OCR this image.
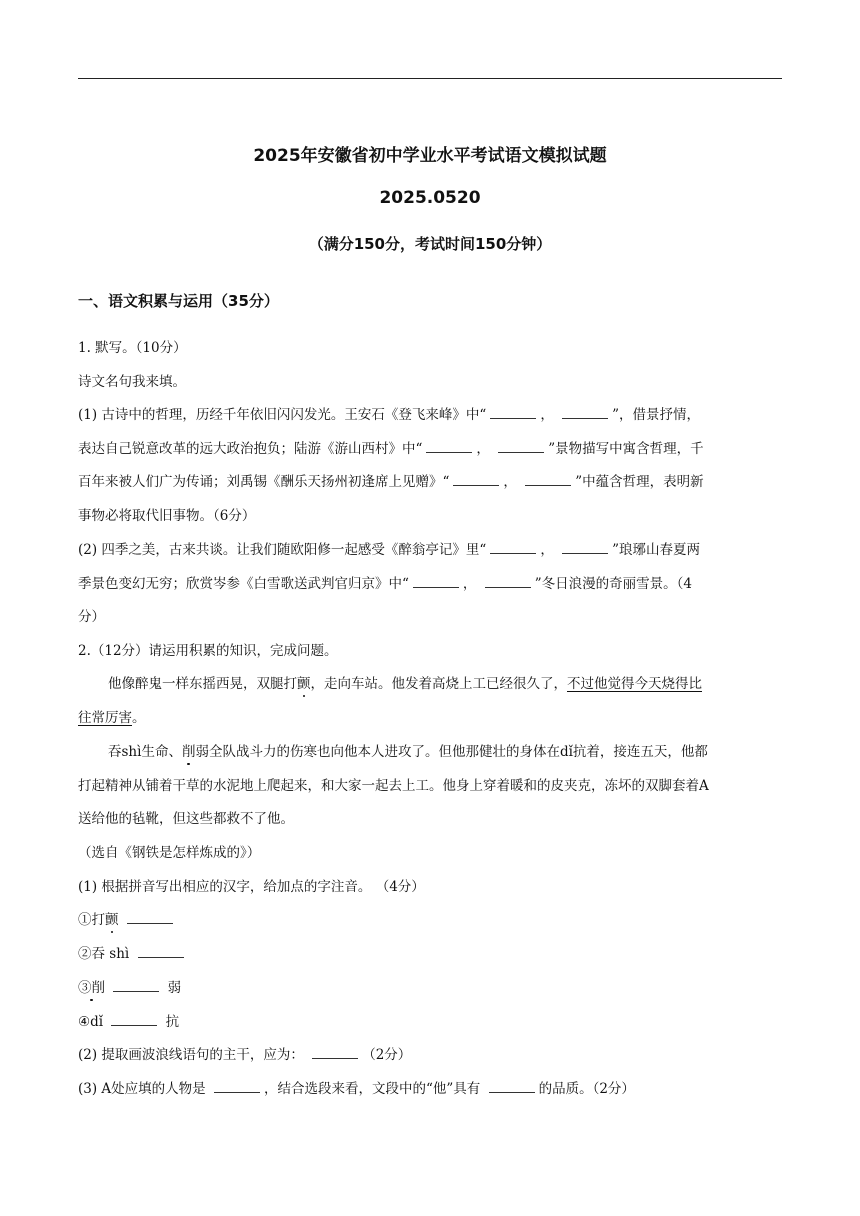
2025年安徽省初中学业水平考试语文模拟试题
2025.0520
（满分150分，考试时间150分钟）
一、语文积累与运用（35分）
1. 默写。（10分）
诗文名句我来填。
(1) 古诗中的哲理，历经千年依旧闪闪发光。王安石《登飞来峰》中“	，	”，借景抒情，
表达自己锐意改革的远大政治抱负；陆游《游山西村》中“	，	”景物描写中寓含哲理，千
百年来被人们广为传诵；刘禹锡《酬乐天扬州初逢席上见赠》“	，	”中蕴含哲理，表明新
事物必将取代旧事物。（6分）
(2) 四季之美，古来共谈。让我们随欧阳修一起感受《醉翁亭记》里“	，	”琅琊山春夏两
季景色变幻无穷；欣赏岑参《白雪歌送武判官归京》中“	，	”冬日浪漫的奇丽雪景。（4
分）
2.（12分）请运用积累的知识，完成问题。
他像醉鬼一样东摇西晃，双腿打颤，走向车站。他发着高烧上工已经很久了，不过他觉得今天烧得比
往常厉害。
吞shì生命、削弱全队战斗力的伤寒也向他本人进攻了。但他那健壮的身体在dǐ抗着，接连五天，他都
打起精神从铺着干草的水泥地上爬起来，和大家一起去上工。他身上穿着暖和的皮夹克，冻坏的双脚套着A
送给他的毡靴，但这些都救不了他。
（选自《钢铁是怎样炼成的》）
(1) 根据拼音写出相应的汉字，给加点的字注音。 （4分）
①打颤
②吞 shì
③削	弱
④dǐ	抗
(2) 提取画波浪线语句的主干，应为：	（2分）
(3) A处应填的人物是	，结合选段来看，文段中的“他”具有	的品质。（2分）
